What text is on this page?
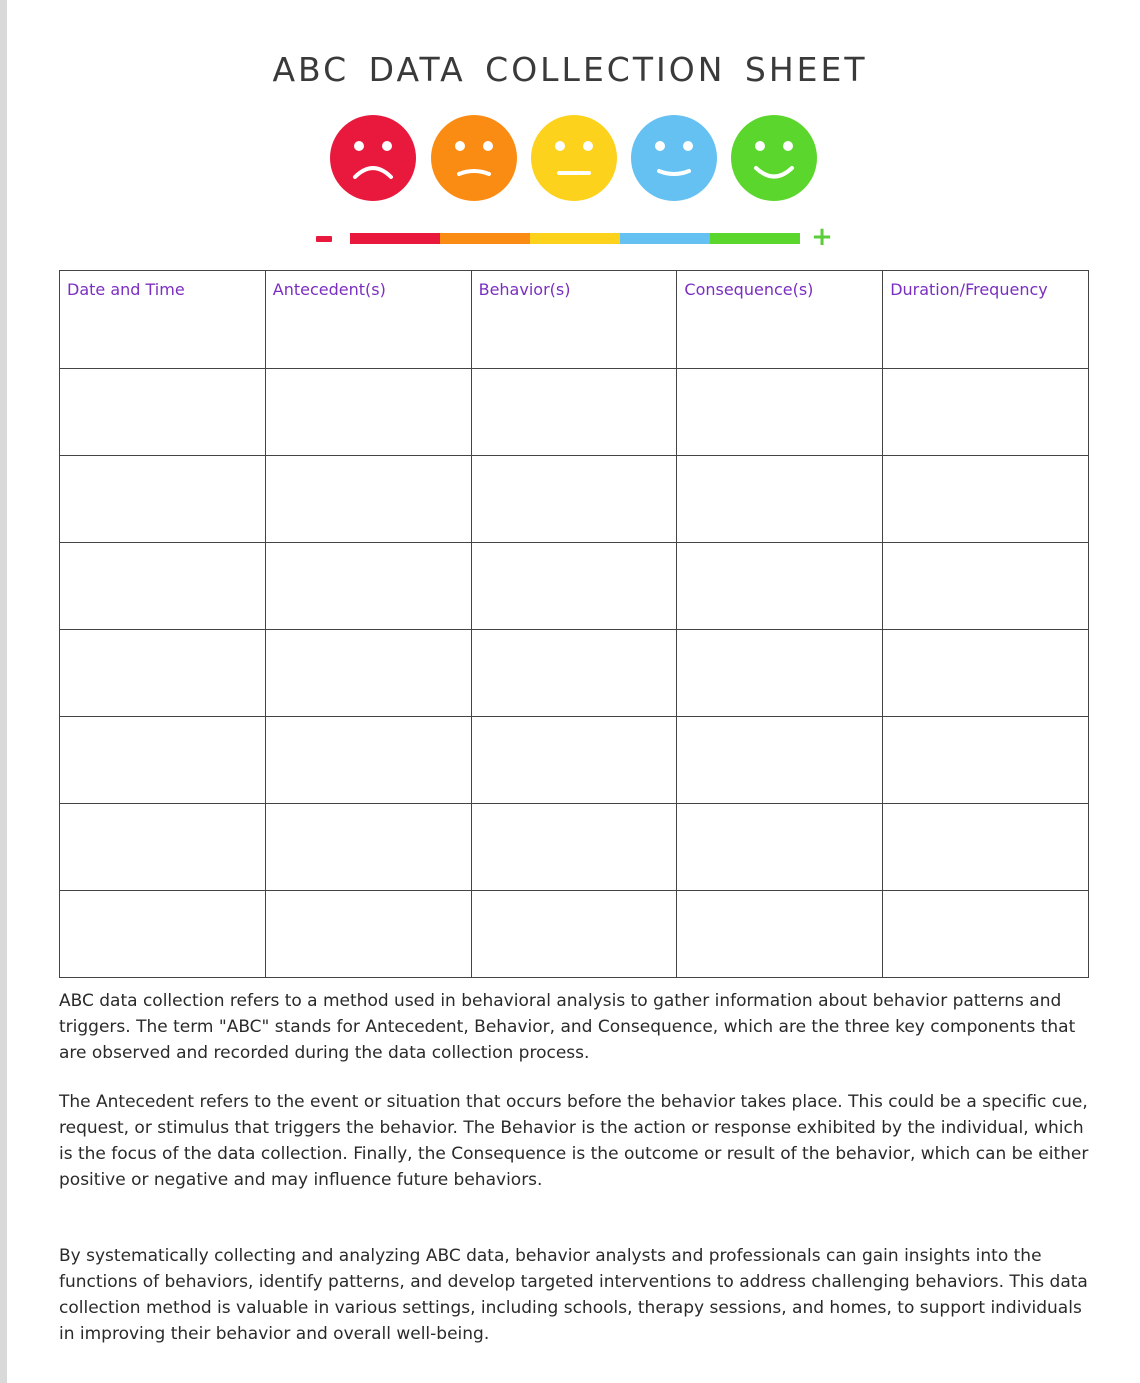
ABC DATA COLLECTION SHEET
+
Date and Time	Antecedent(s)	Behavior(s)	Consequence(s)	Duration/Frequency

ABC data collection refers to a method used in behavioral analysis to gather information about behavior patterns and triggers. The term "ABC" stands for Antecedent, Behavior, and Consequence, which are the three key components that are observed and recorded during the data collection process.
The Antecedent refers to the event or situation that occurs before the behavior takes place. This could be a specific cue, request, or stimulus that triggers the behavior. The Behavior is the action or response exhibited by the individual, which is the focus of the data collection. Finally, the Consequence is the outcome or result of the behavior, which can be either positive or negative and may influence future behaviors.
By systematically collecting and analyzing ABC data, behavior analysts and professionals can gain insights into the functions of behaviors, identify patterns, and develop targeted interventions to address challenging behaviors. This data collection method is valuable in various settings, including schools, therapy sessions, and homes, to support individuals in improving their behavior and overall well-being.
